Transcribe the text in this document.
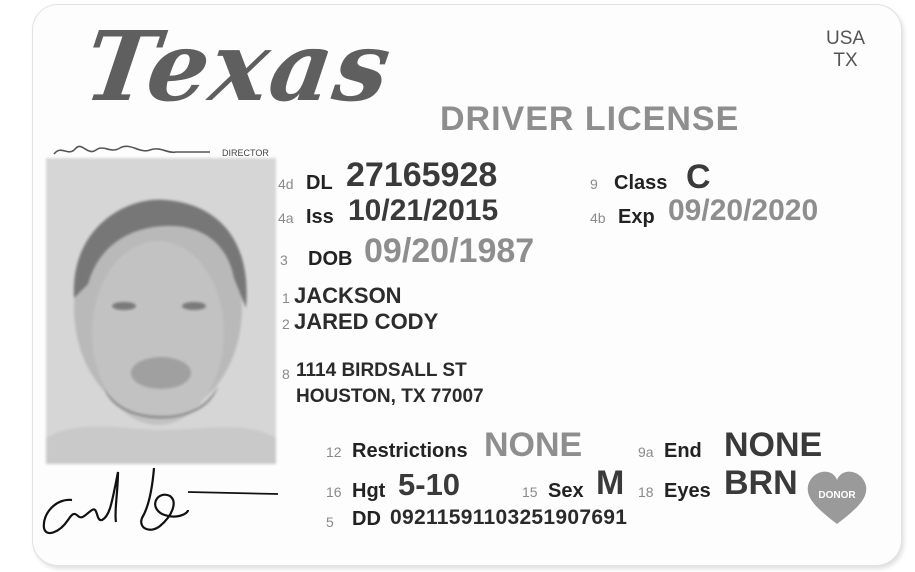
Texas	USA
TX
DRIVER LICENSE
DIRECTOR
4d DL 27165928	9 Class C
4a Iss 10/21/2015	4b Exp 09/20/2020
3 DOB 09/20/1987
1 JACKSON
2 JARED CODY
8 1114 BIRDSALL ST
HOUSTON, TX 77007
12 Restrictions NONE	9a End NONE
16 Hgt 5-10	15 Sex M 18 Eyes BRN DONOR
5 DD 09211591103251907691
